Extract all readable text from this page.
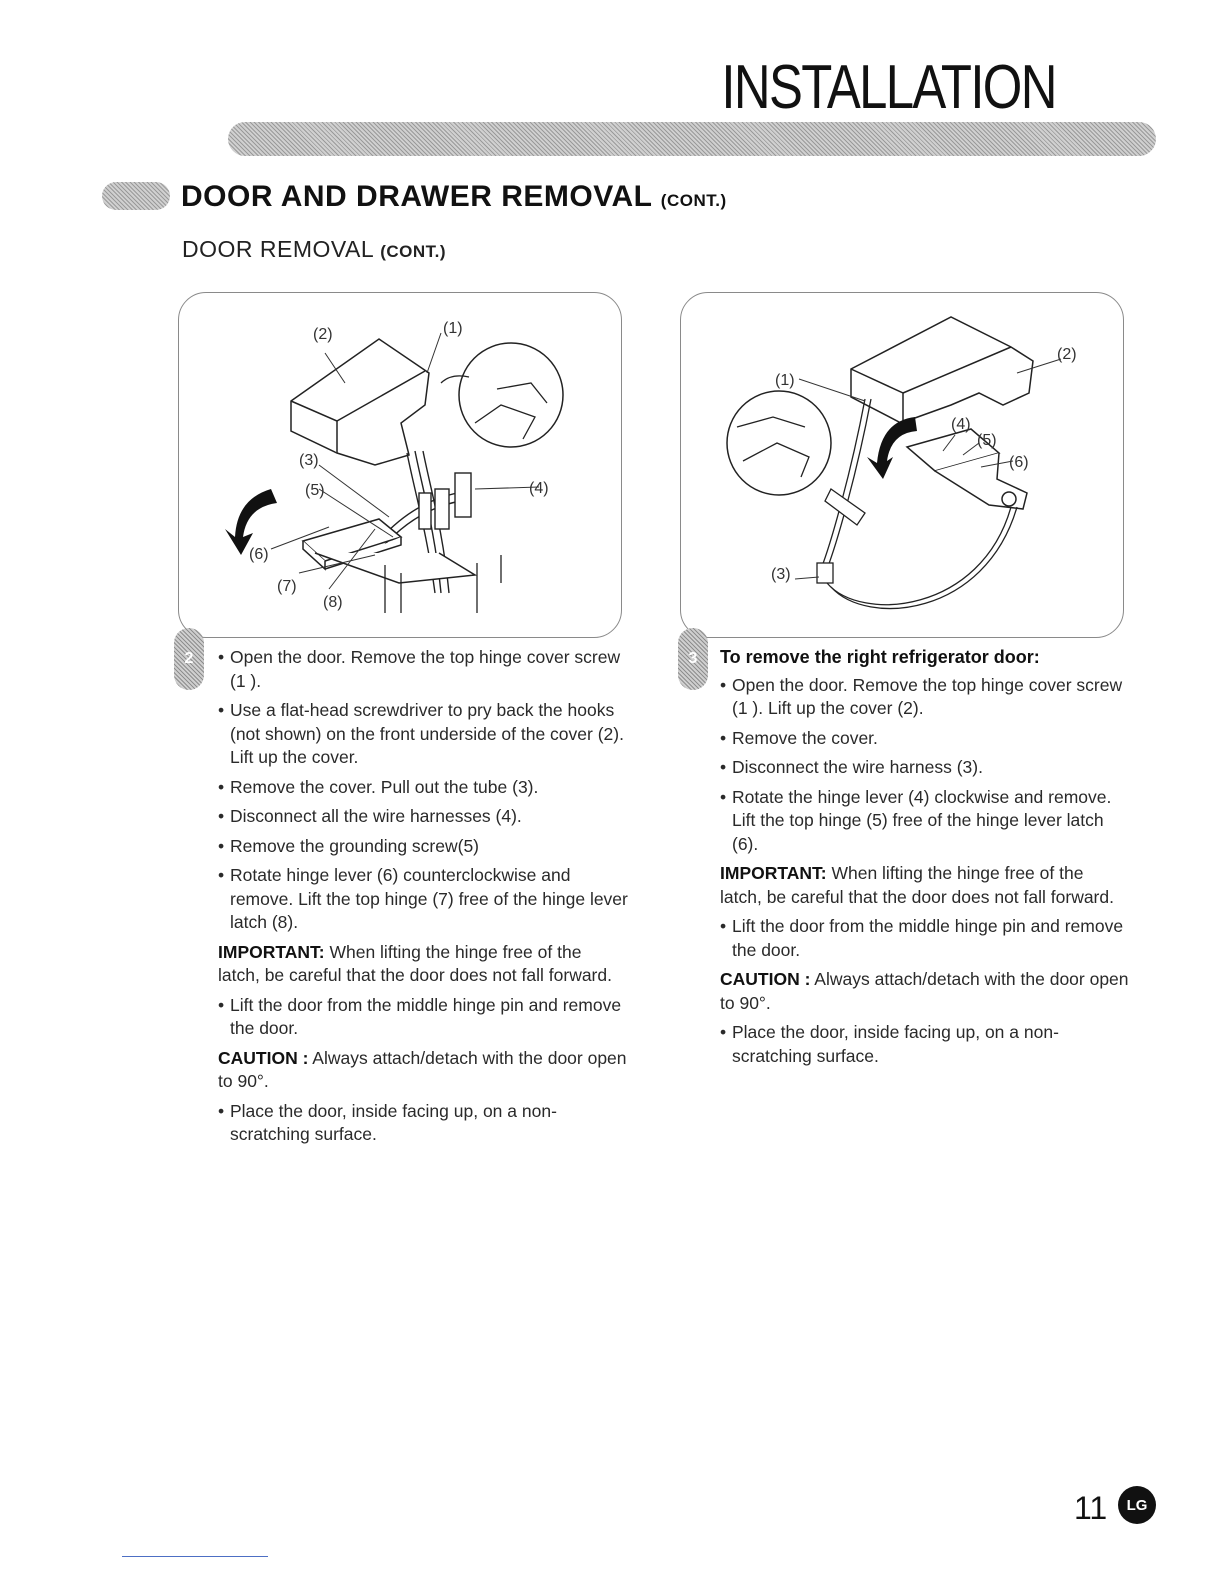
INSTALLATION
DOOR AND DRAWER REMOVAL (CONT.)
DOOR REMOVAL (CONT.)
(2)	(1)
(3)
(5)	(4)
(6)
(7)
(8)
(1)
(2)
(4)
(5)
(6)
(3)
2

•	Open the door. Remove the top hinge cover screw (1 ).

• Use a flat-head screwdriver to pry back the hooks (not shown) on the front underside of the cover (2). Lift up the cover.

• Remove the cover. Pull out the tube (3).

• Disconnect all the wire harnesses (4).

• Remove the grounding screw(5)

• Rotate hinge lever (6) counterclockwise and remove. Lift the top hinge (7) free of the hinge lever latch (8).

IMPORTANT: When lifting the hinge free of the latch, be careful that the door does not fall forward.

• Lift the door from the middle hinge pin and remove the door.

CAUTION : Always attach/detach with the door open to 90°.

• Place the door, inside facing up, on a non-scratching surface.

3	To remove the right refrigerator door:

• Open the door. Remove the top hinge cover screw (1 ). Lift up the cover (2).

• Remove the cover.

• Disconnect the wire harness (3).

• Rotate the hinge lever (4) clockwise and remove. Lift the top hinge (5) free of the hinge lever latch (6).

IMPORTANT: When lifting the hinge free of the latch, be careful that the door does not fall forward.

• Lift the door from the middle hinge pin and remove the door.

CAUTION : Always attach/detach with the door open to 90°.

• Place the door, inside facing up, on a non-scratching surface.

11	LG
